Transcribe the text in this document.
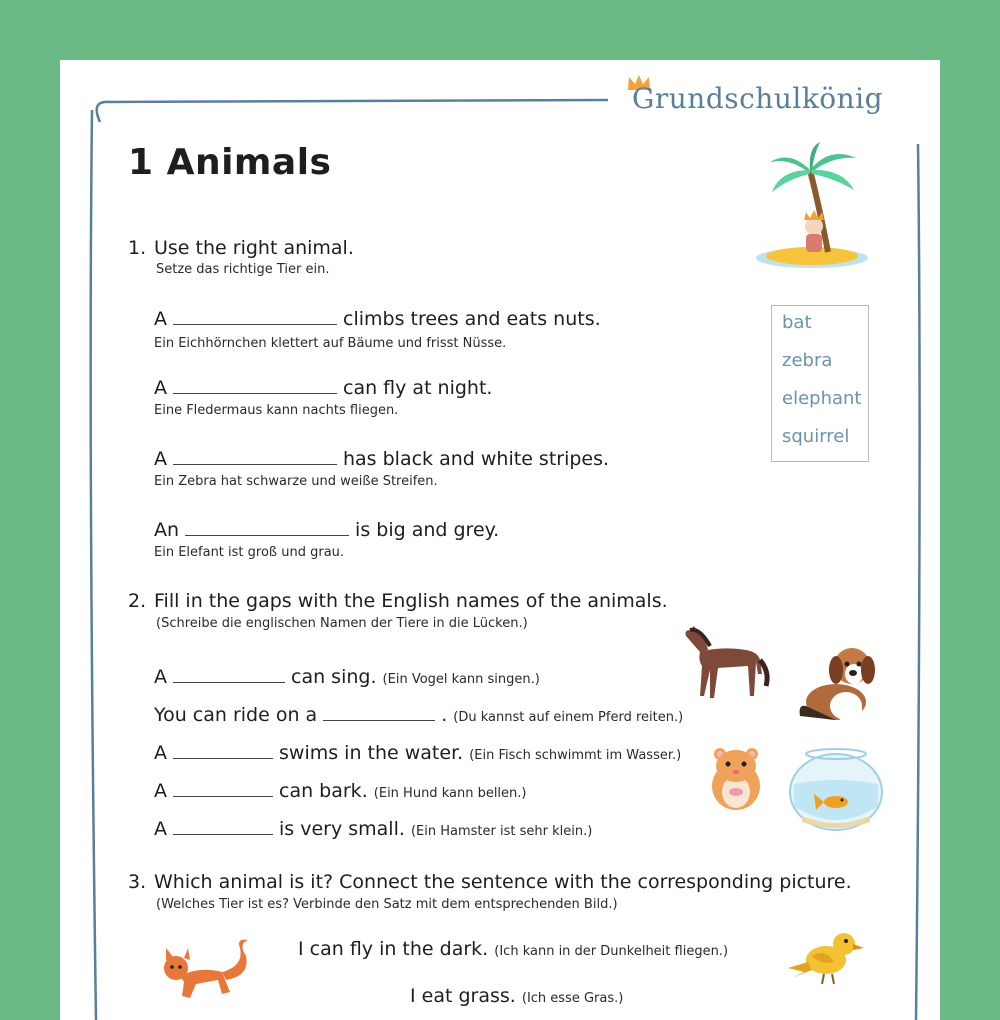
Grundschulkönig
1 Animals
1. Use the right animal.
Setze das richtige Tier ein.
A	climbs trees and eats nuts.
Ein Eichhörnchen klettert auf Bäume und frisst Nüsse.
A	can fly at night.
Eine Fledermaus kann nachts fliegen.
A	has black and white stripes.
Ein Zebra hat schwarze und weiße Streifen.
An	is big and grey.
Ein Elefant ist groß und grau.
bat
zebra
elephant
squirrel
2. Fill in the gaps with the English names of the animals.
(Schreibe die englischen Namen der Tiere in die Lücken.)
A	can sing. (Ein Vogel kann singen.)
You can ride on a	. (Du kannst auf einem Pferd reiten.)
A	swims in the water. (Ein Fisch schwimmt im Wasser.)
A	can bark. (Ein Hund kann bellen.)
A	is very small. (Ein Hamster ist sehr klein.)
3. Which animal is it? Connect the sentence with the corresponding picture.
(Welches Tier ist es? Verbinde den Satz mit dem entsprechenden Bild.)
I can fly in the dark. (Ich kann in der Dunkelheit fliegen.)
I eat grass. (Ich esse Gras.)
